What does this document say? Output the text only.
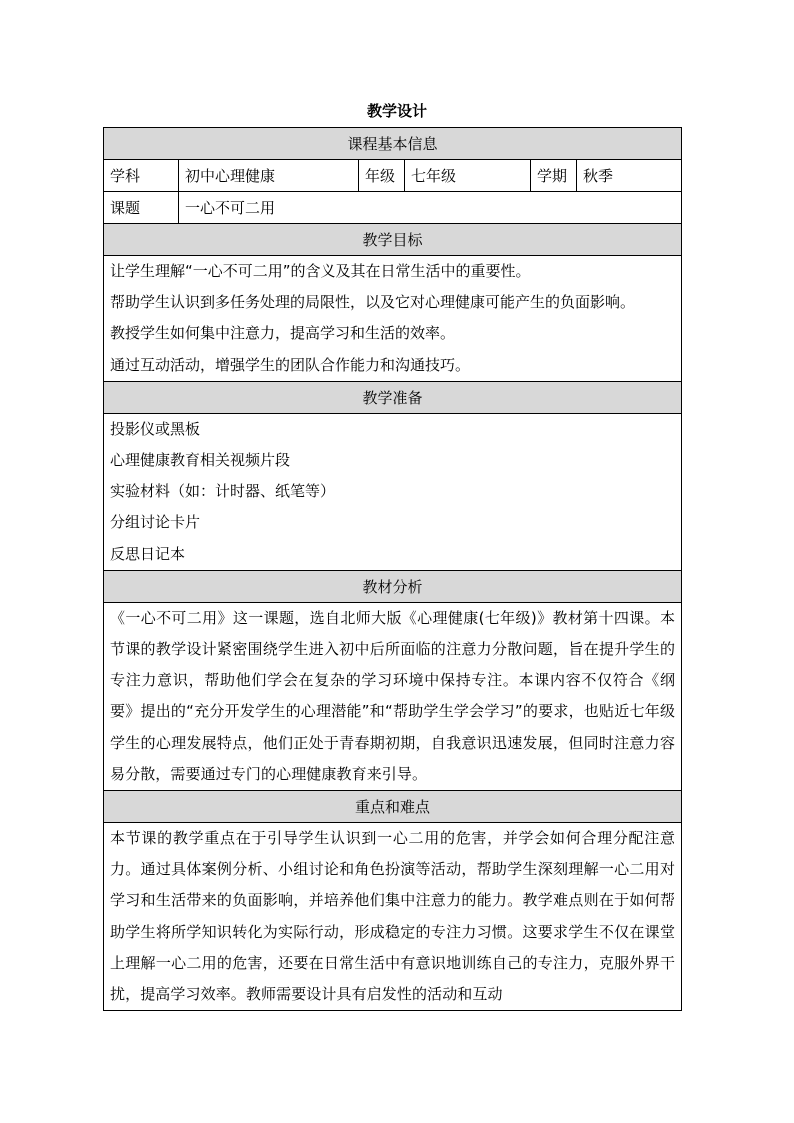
教学设计
课程基本信息					
学科	初中心理健康	年级	七年级	学期	秋季
课题	一心不可二用				
教学目标					

让学生理解“一心不可二用”的含义及其在日常生活中的重要性。
帮助学生认识到多任务处理的局限性，以及它对心理健康可能产生的负面影响。
教授学生如何集中注意力，提高学习和生活的效率。
通过互动活动，增强学生的团队合作能力和沟通技巧。					

教学准备					

投影仪或黑板
心理健康教育相关视频片段
实验材料（如：计时器、纸笔等）
分组讨论卡片
反思日记本					

教材分析					

《一心不可二用》这一课题，选自北师大版《心理健康(七年级)》教材第十四课。本节课的教学设计紧密围绕学生进入初中后所面临的注意力分散问题，旨在提升学生的专注力意识，帮助他们学会在复杂的学习环境中保持专注。本课内容不仅符合《纲要》提出的“充分开发学生的心理潜能”和“帮助学生学会学习”的要求，也贴近七年级学生的心理发展特点，他们正处于青春期初期，自我意识迅速发展，但同时注意力容易分散，需要通过专门的心理健康教育来引导。					

重点和难点					

本节课的教学重点在于引导学生认识到一心二用的危害，并学会如何合理分配注意力。通过具体案例分析、小组讨论和角色扮演等活动，帮助学生深刻理解一心二用对学习和生活带来的负面影响，并培养他们集中注意力的能力。教学难点则在于如何帮助学生将所学知识转化为实际行动，形成稳定的专注力习惯。这要求学生不仅在课堂上理解一心二用的危害，还要在日常生活中有意识地训练自己的专注力，克服外界干扰，提高学习效率。教师需要设计具有启发性的活动和互动					
